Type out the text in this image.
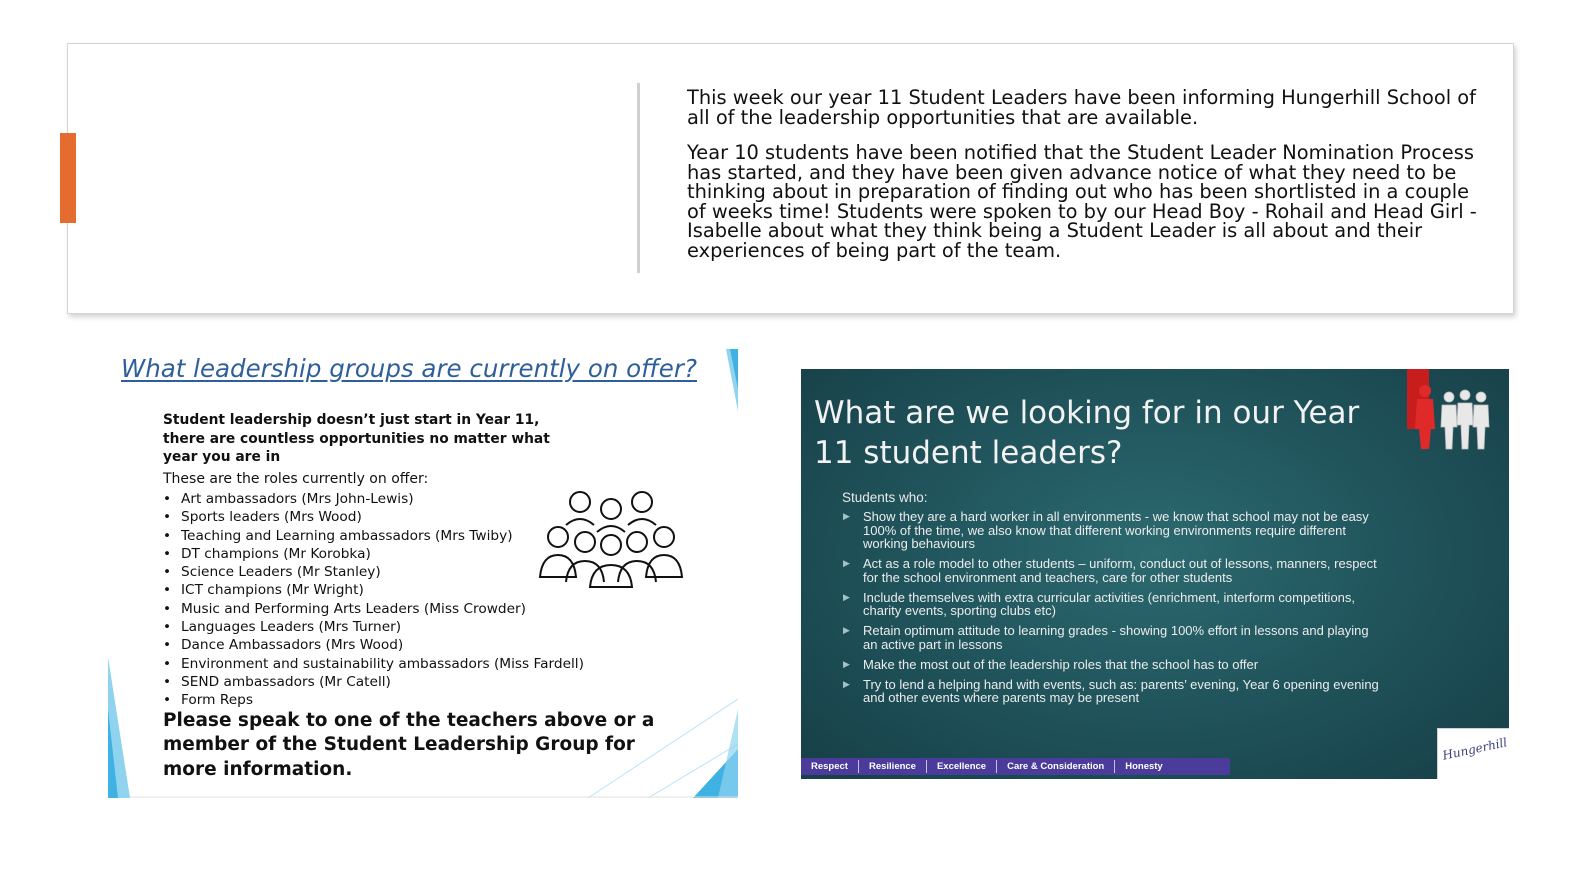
This week our year 11 Student Leaders have been informing Hungerhill School of all of the leadership opportunities that are available.

Year 10 students have been notified that the Student Leader Nomination Process has started, and they have been given advance notice of what they need to be thinking about in preparation of finding out who has been shortlisted in a couple of weeks time! Students were spoken to by our Head Boy - Rohail and Head Girl - Isabelle about what they think being a Student Leader is all about and their experiences of being part of the team.

What leadership groups are currently on offer?
Student leadership doesn’t just start in Year 11, there are countless opportunities no matter what year you are in
These are the roles currently on offer:
• Art ambassadors (Mrs John-Lewis)
• Sports leaders (Mrs Wood)
• Teaching and Learning ambassadors (Mrs Twiby)
• DT champions (Mr Korobka)
• Science Leaders (Mr Stanley)
• ICT champions (Mr Wright)
• Music and Performing Arts Leaders (Miss Crowder)
• Languages Leaders (Mrs Turner)
• Dance Ambassadors (Mrs Wood)
• Environment and sustainability ambassadors (Miss Fardell)
• SEND ambassadors (Mr Catell)
• Form Reps
Please speak to one of the teachers above or a member of the Student Leadership Group for more information.
What are we looking for in our Year 11 student leaders?
Students who:
▶ Show they are a hard worker in all environments - we know that school may not be easy 100% of the time, we also know that different working environments require different working behaviours
▶ Act as a role model to other students – uniform, conduct out of lessons, manners, respect for the school environment and teachers, care for other students
▶ Include themselves with extra curricular activities (enrichment, interform competitions, charity events, sporting clubs etc)
▶ Retain optimum attitude to learning grades - showing 100% effort in lessons and playing an active part in lessons
▶ Make the most out of the leadership roles that the school has to offer
▶ Try to lend a helping hand with events, such as: parents’ evening, Year 6 opening evening and other events where parents may be present
Respect	Resilience	Excellence	Care & Consideration	Honesty
Hungerhill
